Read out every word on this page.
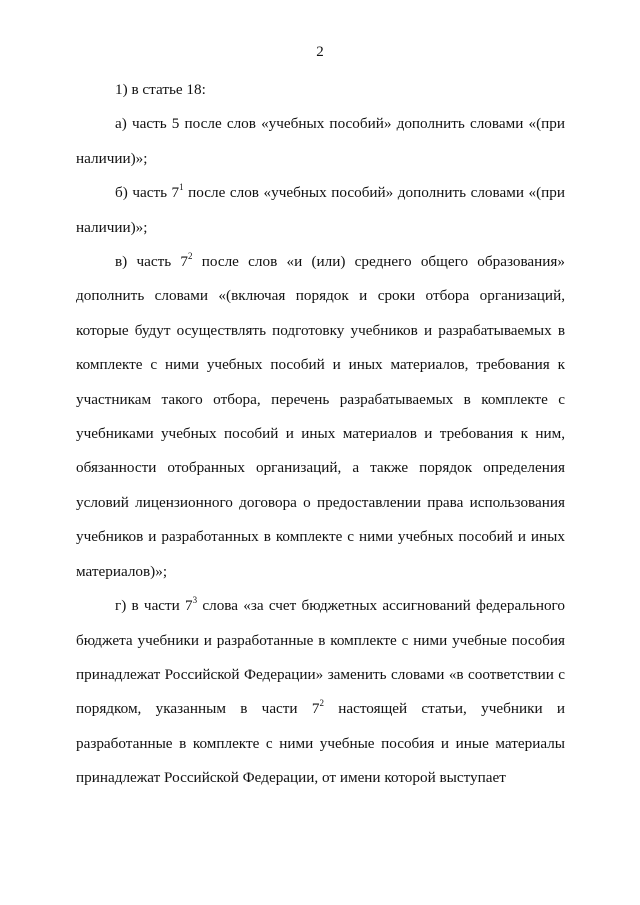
2

1) в статье 18:

а) часть 5 после слов «учебных пособий» дополнить словами «(при наличии)»;

б) часть $7^1$ после слов «учебных пособий» дополнить словами «(при наличии)»;

в) часть $7^2$ после слов «и (или) среднего общего образования» дополнить словами «(включая порядок и сроки отбора организаций, которые будут осуществлять подготовку учебников и разрабатываемых в комплекте с ними учебных пособий и иных материалов, требования к участникам такого отбора, перечень разрабатываемых в комплекте с учебниками учебных пособий и иных материалов и требования к ним, обязанности отобранных организаций, а также порядок определения условий лицензионного договора о предоставлении права использования учебников и разработанных в комплекте с ними учебных пособий и иных материалов)»;

г) в части $7^3$ слова «за счет бюджетных ассигнований федерального бюджета учебники и разработанные в комплекте с ними учебные пособия принадлежат Российской Федерации» заменить словами «в соответствии с порядком, указанным в части $7^2$ настоящей статьи, учебники и разработанные в комплекте с ними учебные пособия и иные материалы принадлежат Российской Федерации, от имени которой выступает
